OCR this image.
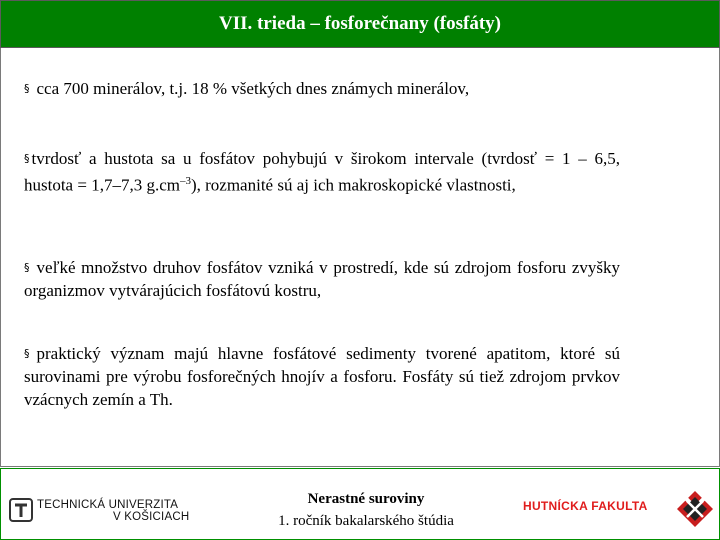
VII. trieda – fosforečnany (fosfáty)
§ cca 700 minerálov, t.j. 18 % všetkých dnes známych minerálov,
§ tvrdosť a hustota sa u fosfátov pohybujú v širokom intervale (tvrdosť = 1 – 6,5, hustota = 1,7–7,3 $g.cm^{-3}$), rozmanité sú aj ich makroskopické vlastnosti,
§ veľké množstvo druhov fosfátov vzniká v prostredí, kde sú zdrojom fosforu zvyšky organizmov vytvárajúcich fosfátovú kostru,
§ praktický význam majú hlavne fosfátové sedimenty tvorené apatitom, ktoré sú surovinami pre výrobu fosforečných hnojív a fosforu. Fosfáty sú tiež zdrojom prvkov vzácnych zemín a Th.
TECHNICKÁ UNIVERZITA
V KOŠICIACH
Nerastné suroviny
1. ročník bakalarského štúdia
HUTNÍCKA FAKULTA
